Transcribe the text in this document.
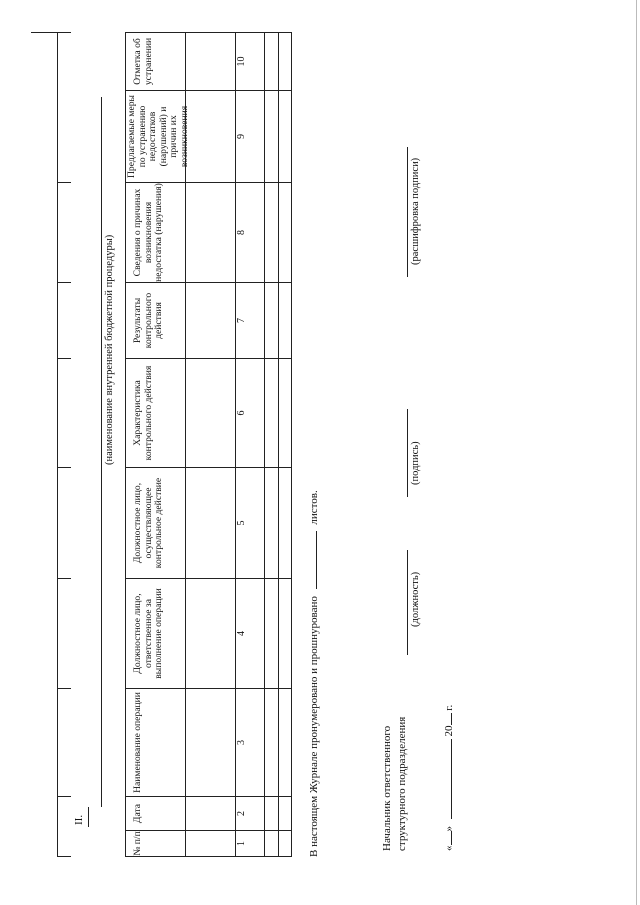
II.
(наименование внутренней бюджетной процедуры)
№ п/п
Дата
Наименование операции
Должностное лицо, ответственное за выполнение операции
Должностное лицо, осуществляющее контрольное действие
Характеристика контрольного действия
Результаты контрольного действия
Сведения о причинах возникновения недостатка (нарушения)
Предлагаемые меры по устранению недостатков (нарушений) и причин их возникновения
Отметка об устранении
1
2
3
4
5
6
7
8
9
10
В настоящем Журнале пронумеровано и прошнуровано  листов.
Начальник ответственного структурного подразделения
(должность)
(подпись)
(расшифровка подписи)
«»  20 г.
